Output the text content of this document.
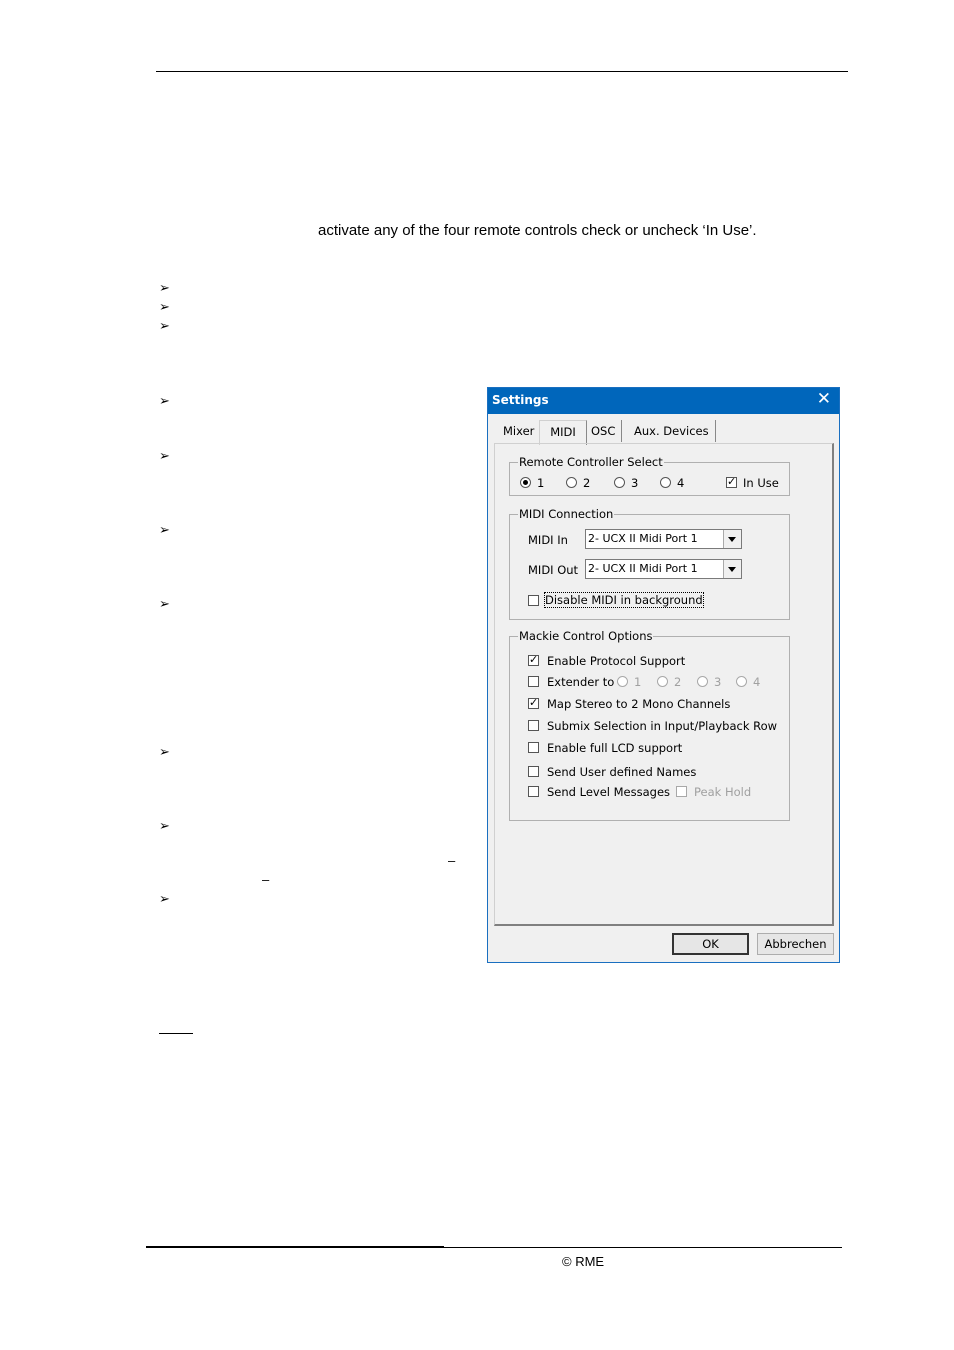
activate any of the four remote controls check or uncheck ‘In Use’.
➢
➢
➢
➢
➢
➢
➢
➢
➢
➢
–
–
© RME
Settings	✕
Mixer	MIDI	OSC	Aux. Devices
Remote Controller Select
1	2	3	4
✓	In Use
MIDI Connection
MIDI In 2- UCX II Midi Port 1
MIDI Out 2- UCX II Midi Port 1
Disable MIDI in background
Mackie Control Options
✓
Enable Protocol Support
Extender to 1	2	3	4
✓
Map Stereo to 2 Mono Channels
Submix Selection in Input/Playback Row
Enable full LCD support
Send User defined Names
Send Level Messages Peak Hold
OK	Abbrechen
